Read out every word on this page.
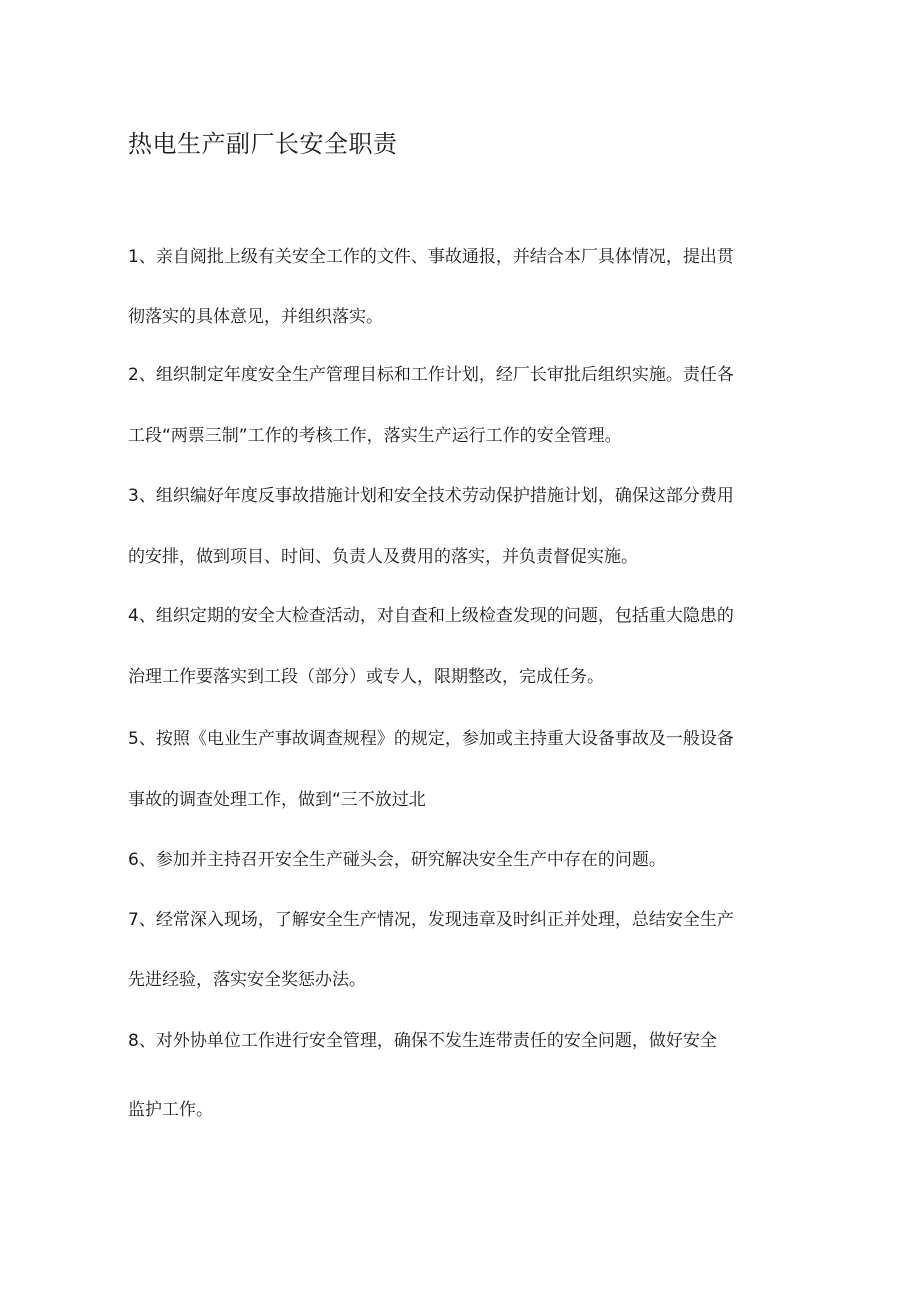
热电生产副厂长安全职责

1、亲自阅批上级有关安全工作的文件、事故通报，并结合本厂具体情况，提出贯

彻落实的具体意见，并组织落实。

2、组织制定年度安全生产管理目标和工作计划，经厂长审批后组织实施。责任各

工段“两票三制”工作的考核工作，落实生产运行工作的安全管理。

3、组织编好年度反事故措施计划和安全技术劳动保护措施计划，确保这部分费用

的安排，做到项目、时间、负责人及费用的落实，并负责督促实施。

4、组织定期的安全大检查活动，对自查和上级检查发现的问题，包括重大隐患的

治理工作要落实到工段（部分）或专人，限期整改，完成任务。

5、按照《电业生产事故调查规程》的规定，参加或主持重大设备事故及一般设备

事故的调查处理工作，做到“三不放过北

6、参加并主持召开安全生产碰头会，研究解决安全生产中存在的问题。

7、经常深入现场，了解安全生产情况，发现违章及时纠正并处理，总结安全生产

先进经验，落实安全奖惩办法。

8、对外协单位工作进行安全管理，确保不发生连带责任的安全问题，做好安全

监护工作。
